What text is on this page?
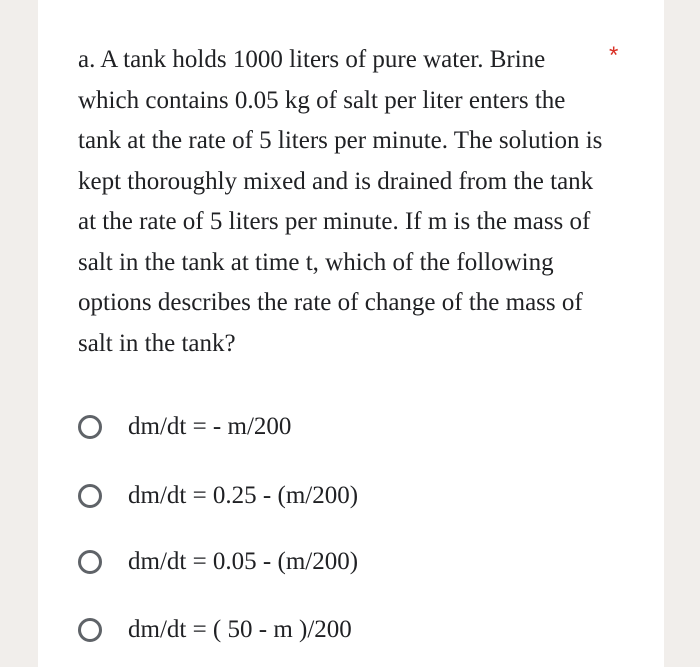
a. A tank holds 1000 liters of pure water. Brine which contains 0.05 kg of salt per liter enters the tank at the rate of 5 liters per minute. The solution is kept thoroughly mixed and is drained from the tank at the rate of 5 liters per minute. If m is the mass of salt in the tank at time t, which of the following options describes the rate of change of the mass of salt in the tank?

*
dm/dt = - m/200
dm/dt = 0.25 - (m/200)
dm/dt = 0.05 - (m/200)
dm/dt = ( 50 - m )/200
